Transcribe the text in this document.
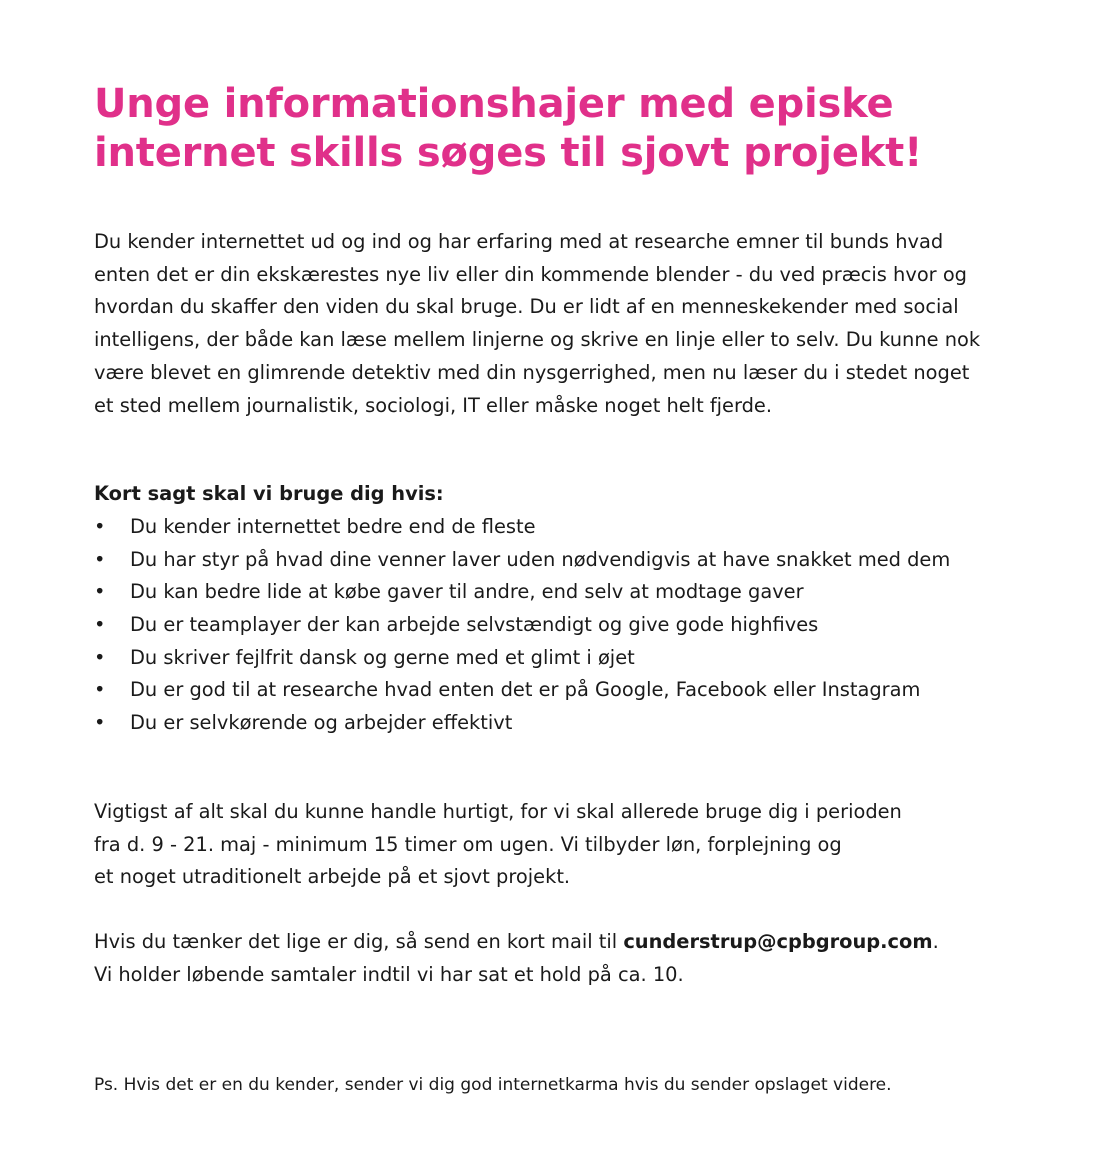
Unge informationshajer med episke
internet skills søges til sjovt projekt!

Du kender internettet ud og ind og har erfaring med at researche emner til bunds hvad
enten det er din ekskærestes nye liv eller din kommende blender - du ved præcis hvor og
hvordan du skaffer den viden du skal bruge. Du er lidt af en menneskekender med social
intelligens, der både kan læse mellem linjerne og skrive en linje eller to selv. Du kunne nok
være blevet en glimrende detektiv med din nysgerrighed, men nu læser du i stedet noget
et sted mellem journalistik, sociologi, IT eller måske noget helt fjerde.

Kort sagt skal vi bruge dig hvis:

• Du kender internettet bedre end de fleste
• Du har styr på hvad dine venner laver uden nødvendigvis at have snakket med dem
• Du kan bedre lide at købe gaver til andre, end selv at modtage gaver
• Du er teamplayer der kan arbejde selvstændigt og give gode highfives
• Du skriver fejlfrit dansk og gerne med et glimt i øjet
• Du er god til at researche hvad enten det er på Google, Facebook eller Instagram
• Du er selvkørende og arbejder effektivt

Vigtigst af alt skal du kunne handle hurtigt, for vi skal allerede bruge dig i perioden
fra d. 9 - 21. maj - minimum 15 timer om ugen. Vi tilbyder løn, forplejning og
et noget utraditionelt arbejde på et sjovt projekt.

Hvis du tænker det lige er dig, så send en kort mail til cunderstrup@cpbgroup.com.
Vi holder løbende samtaler indtil vi har sat et hold på ca. 10.

Ps. Hvis det er en du kender, sender vi dig god internetkarma hvis du sender opslaget videre.
